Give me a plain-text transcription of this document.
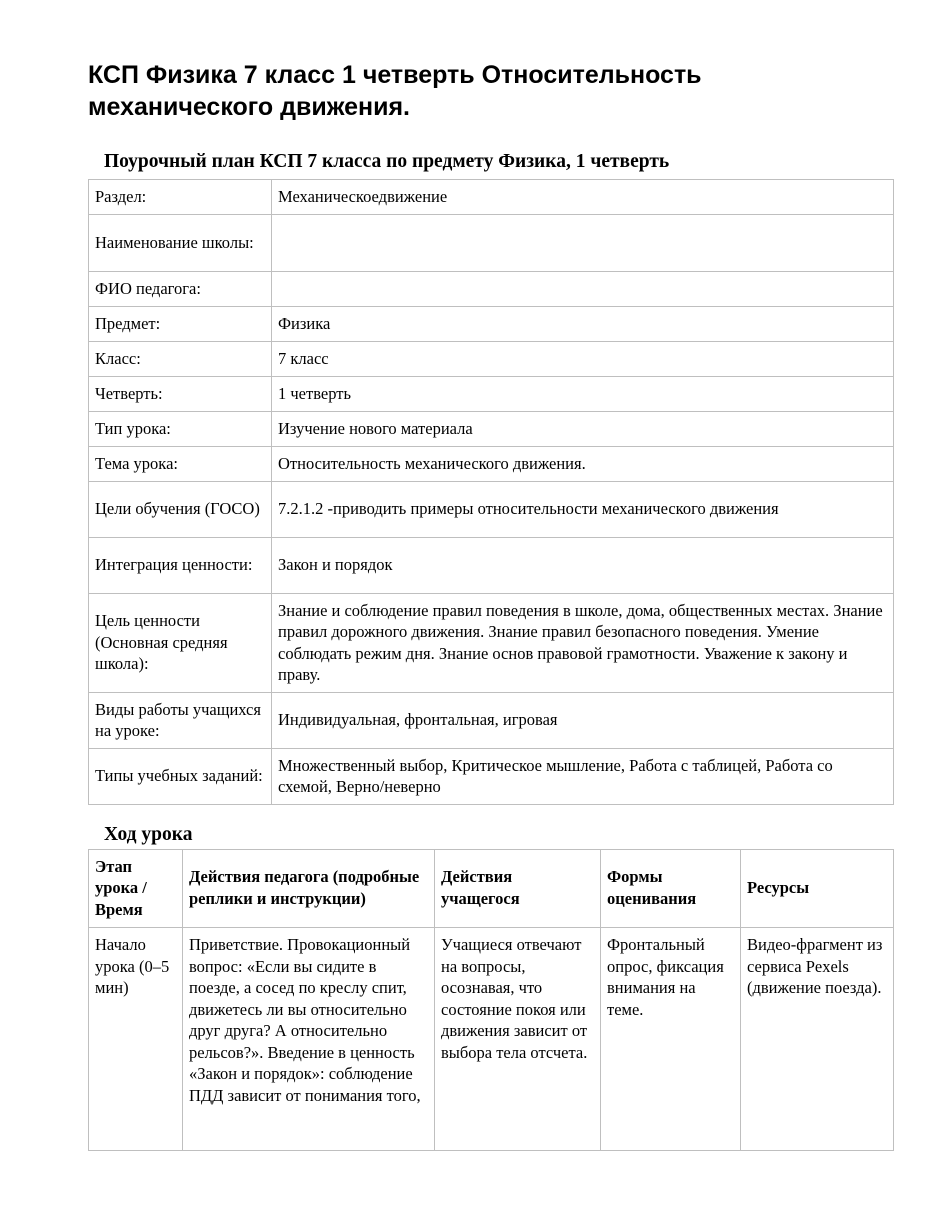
КСП Физика 7 класс 1 четверть Относительность механического движения.
Поурочный план КСП 7 класса по предмету Физика, 1 четверть
Раздел:	Механическоедвижение
Наименование школы:	
ФИО педагога:	
Предмет:	Физика
Класс:	7 класс
Четверть:	1 четверть
Тип урока:	Изучение нового материала
Тема урока:	Относительность механического движения.
Цели обучения (ГОСО)	7.2.1.2 -приводить примеры относительности механического движения
Интеграция ценности:	Закон и порядок
Цель ценности (Основная средняя школа):	Знание и соблюдение правил поведения в школе, дома, общественных местах. Знание правил дорожного движения. Знание правил безопасного поведения. Умение соблюдать режим дня. Знание основ правовой грамотности. Уважение к закону и праву.
Виды работы учащихся на уроке:	Индивидуальная, фронтальная, игровая
Типы учебных заданий:	Множественный выбор, Критическое мышление, Работа с таблицей, Работа со схемой, Верно/неверно
Ход урока
Этап урока / Время	Действия педагога (подробные реплики и инструкции)	Действия учащегося	Формы оценивания	Ресурсы

Начало урока (0–5 мин)	Приветствие. Провокационный вопрос: «Если вы сидите в поезде, а сосед по креслу спит, движетесь ли вы относительно друг друга? А относительно рельсов?». Введение в ценность «Закон и порядок»: соблюдение ПДД зависит от понимания того,	Учащиеся отвечают на вопросы, осознавая, что состояние покоя или движения зависит от выбора тела отсчета.	Фронтальный опрос, фиксация внимания на теме.	Видео-фрагмент из сервиса Pexels (движение поезда).
